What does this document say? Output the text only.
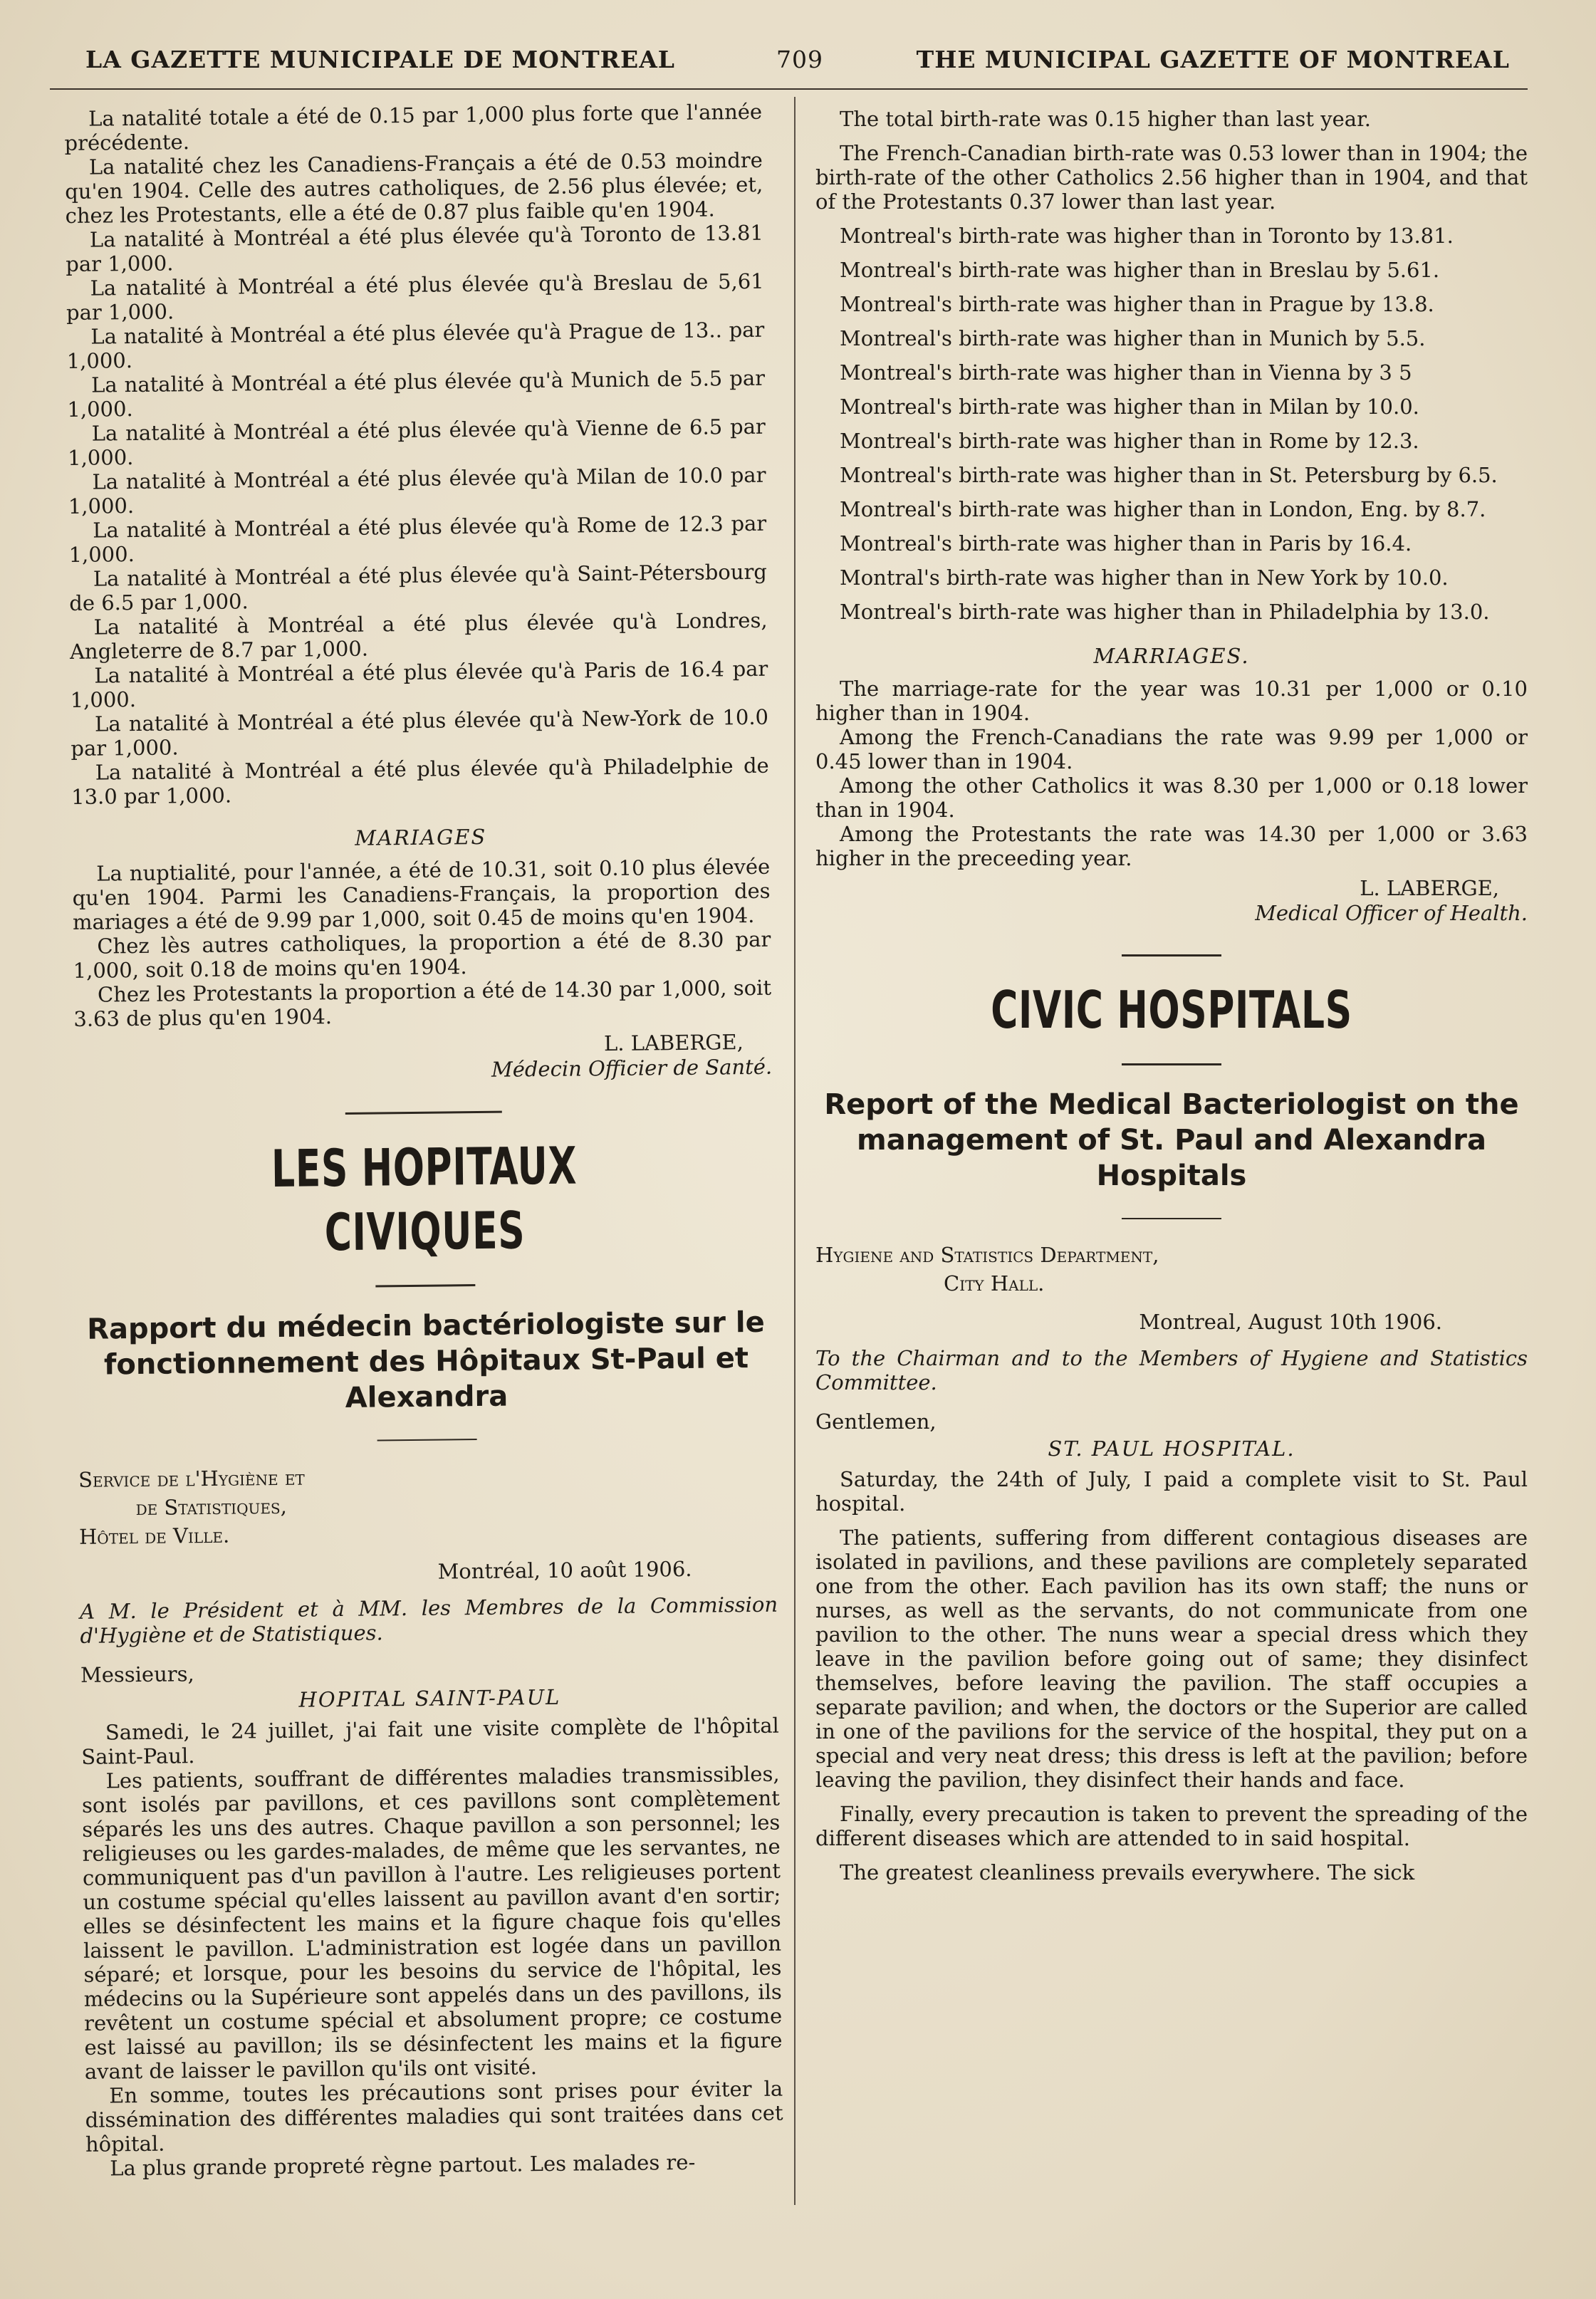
LA GAZETTE MUNICIPALE DE MONTREAL	709	THE MUNICIPAL GAZETTE OF MONTREAL

La natalité totale a été de 0.15 par 1,000 plus forte que l'année précédente.

La natalité chez les Canadiens-Français a été de 0.53 moindre qu'en 1904. Celle des autres catholiques, de 2.56 plus élevée; et, chez les Protestants, elle a été de 0.87 plus faible qu'en 1904.

La natalité à Montréal a été plus élevée qu'à Toronto de 13.81 par 1,000.

La natalité à Montréal a été plus élevée qu'à Breslau de 5,61 par 1,000.

La natalité à Montréal a été plus élevée qu'à Prague de 13.. par 1,000.

La natalité à Montréal a été plus élevée qu'à Munich de 5.5 par 1,000.

La natalité à Montréal a été plus élevée qu'à Vienne de 6.5 par 1,000.

La natalité à Montréal a été plus élevée qu'à Milan de 10.0 par 1,000.

La natalité à Montréal a été plus élevée qu'à Rome de 12.3 par 1,000.

La natalité à Montréal a été plus élevée qu'à Saint-Pétersbourg de 6.5 par 1,000.

La natalité à Montréal a été plus élevée qu'à Londres, Angleterre de 8.7 par 1,000.

La natalité à Montréal a été plus élevée qu'à Paris de 16.4 par 1,000.

La natalité à Montréal a été plus élevée qu'à New-York de 10.0 par 1,000.

La natalité à Montréal a été plus élevée qu'à Philadelphie de 13.0 par 1,000.

MARIAGES

La nuptialité, pour l'année, a été de 10.31, soit 0.10 plus élevée qu'en 1904. Parmi les Canadiens-Français, la proportion des mariages a été de 9.99 par 1,000, soit 0.45 de moins qu'en 1904.

Chez lès autres catholiques, la proportion a été de 8.30 par 1,000, soit 0.18 de moins qu'en 1904.

Chez les Protestants la proportion a été de 14.30 par 1,000, soit 3.63 de plus qu'en 1904.

L. LABERGE,
Médecin Officier de Santé.
LES HOPITAUX CIVIQUES
Rapport du médecin bactériologiste sur le fonctionnement des Hôpitaux St-Paul et Alexandra
Service de l'Hygiène et
de Statistiques,
Hôtel de Ville.
Montréal, 10 août 1906.

A M. le Président et à MM. les Membres de la Commission d'Hygiène et de Statistiques.

Messieurs,
HOPITAL SAINT-PAUL

Samedi, le 24 juillet, j'ai fait une visite complète de l'hôpital Saint-Paul.

Les patients, souffrant de différentes maladies transmissibles, sont isolés par pavillons, et ces pavillons sont complètement séparés les uns des autres. Chaque pavillon a son personnel; les religieuses ou les gardes-malades, de même que les servantes, ne communiquent pas d'un pavillon à l'autre. Les religieuses portent un costume spécial qu'elles laissent au pavillon avant d'en sortir; elles se désinfectent les mains et la figure chaque fois qu'elles laissent le pavillon. L'administration est logée dans un pavillon séparé; et lorsque, pour les besoins du service de l'hôpital, les médecins ou la Supérieure sont appelés dans un des pavillons, ils revêtent un costume spécial et absolument propre; ce costume est laissé au pavillon; ils se désinfectent les mains et la figure avant de laisser le pavillon qu'ils ont visité.

En somme, toutes les précautions sont prises pour éviter la dissémination des différentes maladies qui sont traitées dans cet hôpital.

La plus grande propreté règne partout. Les malades re-

The total birth-rate was 0.15 higher than last year.

The French-Canadian birth-rate was 0.53 lower than in 1904; the birth-rate of the other Catholics 2.56 higher than in 1904, and that of the Protestants 0.37 lower than last year.

Montreal's birth-rate was higher than in Toronto by 13.81.

Montreal's birth-rate was higher than in Breslau by 5.61.

Montreal's birth-rate was higher than in Prague by 13.8.

Montreal's birth-rate was higher than in Munich by 5.5.

Montreal's birth-rate was higher than in Vienna by 3 5

Montreal's birth-rate was higher than in Milan by 10.0.

Montreal's birth-rate was higher than in Rome by 12.3.

Montreal's birth-rate was higher than in St. Petersburg by 6.5.

Montreal's birth-rate was higher than in London, Eng. by 8.7.

Montreal's birth-rate was higher than in Paris by 16.4.

Montral's birth-rate was higher than in New York by 10.0.

Montreal's birth-rate was higher than in Philadelphia by 13.0.

MARRIAGES.

The marriage-rate for the year was 10.31 per 1,000 or 0.10 higher than in 1904.

Among the French-Canadians the rate was 9.99 per 1,000 or 0.45 lower than in 1904.

Among the other Catholics it was 8.30 per 1,000 or 0.18 lower than in 1904.

Among the Protestants the rate was 14.30 per 1,000 or 3.63 higher in the preceeding year.

L. LABERGE,
Medical Officer of Health.
CIVIC HOSPITALS
Report of the Medical Bacteriologist on the management of St. Paul and Alexandra Hospitals
Hygiene and Statistics Department,
City Hall.
Montreal, August 10th 1906.

To the Chairman and to the Members of Hygiene and Statistics Committee.

Gentlemen,
ST. PAUL HOSPITAL.

Saturday, the 24th of July, I paid a complete visit to St. Paul hospital.

The patients, suffering from different contagious diseases are isolated in pavilions, and these pavilions are completely separated one from the other. Each pavilion has its own staff; the nuns or nurses, as well as the servants, do not communicate from one pavilion to the other. The nuns wear a special dress which they leave in the pavilion before going out of same; they disinfect themselves, before leaving the pavilion. The staff occupies a separate pavilion; and when, the doctors or the Superior are called in one of the pavilions for the service of the hospital, they put on a special and very neat dress; this dress is left at the pavilion; before leaving the pavilion, they disinfect their hands and face.

Finally, every precaution is taken to prevent the spreading of the different diseases which are attended to in said hospital.

The greatest cleanliness prevails everywhere. The sick
